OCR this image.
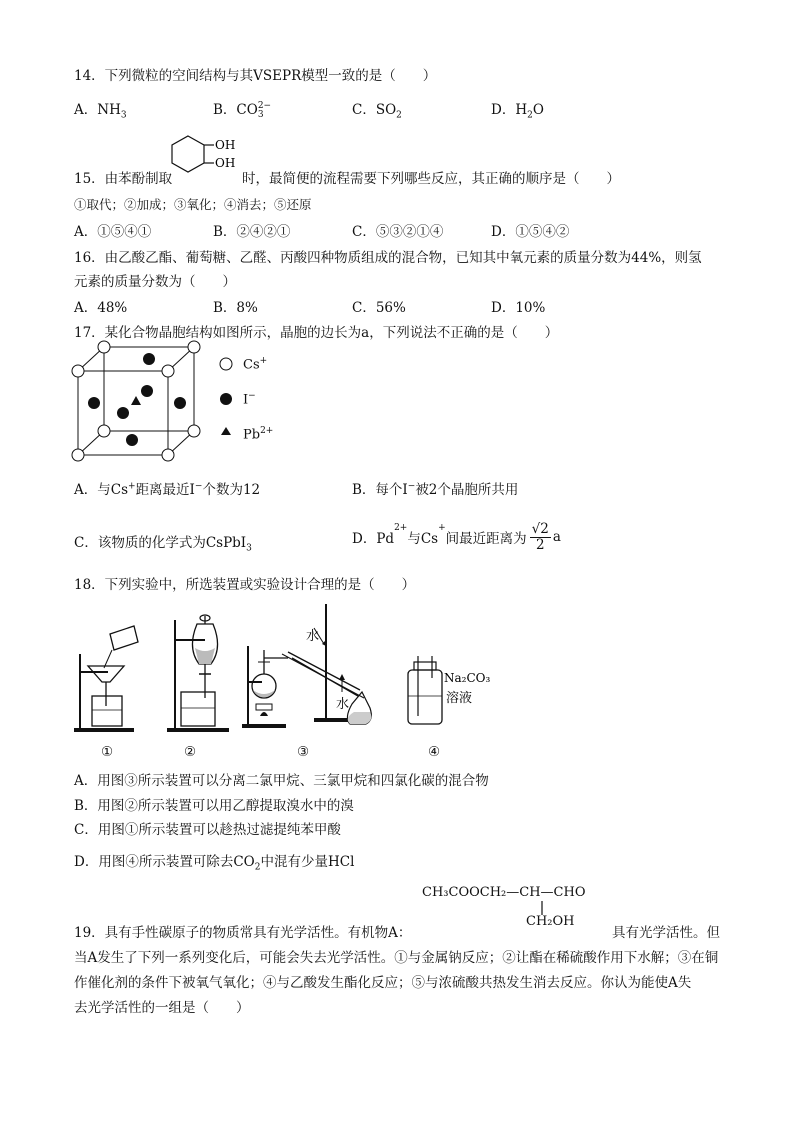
14．下列微粒的空间结构与其VSEPR模型一致的是（　　）
A．$NH_3$	B．CO 2−
3	C．$SO_2$	D．$H_2O$
OH
OH
15．由苯酚制取	时，最简便的流程需要下列哪些反应，其正确的顺序是（　　）
①取代；②加成；③氧化；④消去；⑤还原
A．①⑤④①	B．②④②①	C．⑤③②①④	D．①⑤④②
16．由乙酸乙酯、葡萄糖、乙醛、丙酸四种物质组成的混合物，已知其中氧元素的质量分数为44%，则氢
元素的质量分数为（　　）
A．48%	B．8%	C．56%	D．10%
17．某化合物晶胞结构如图所示，晶胞的边长为a，下列说法不正确的是（　　）
Cs+
I−
$Pb^{2+}$
A．与Cs+距离最近I−个数为12	B．每个I−被2个晶胞所共用
C．该物质的化学式为CsPbI$_3$
D．Pd
$^{2+}$
与Cs
+
间最近距离为 $\frac{√2}{2}$ a
18．下列实验中，所选装置或实验设计合理的是（　　）
水
水
Na₂CO₃
溶液
①	②	③	④
A．用图③所示装置可以分离二氯甲烷、三氯甲烷和四氯化碳的混合物
B．用图②所示装置可以用乙醇提取溴水中的溴
C．用图①所示装置可以趁热过滤提纯苯甲酸
D．用图④所示装置可除去$CO_2$中混有少量HCl
CH₃COOCH₂—CH—CHO
CH₂OH
19．具有手性碳原子的物质常具有光学活性。有机物A：	具有光学活性。但
当A发生了下列一系列变化后，可能会失去光学活性。①与金属钠反应；②让酯在稀硫酸作用下水解；③在铜
作催化剂的条件下被氧气氧化；④与乙酸发生酯化反应；⑤与浓硫酸共热发生消去反应。你认为能使A失
去光学活性的一组是（　　）
